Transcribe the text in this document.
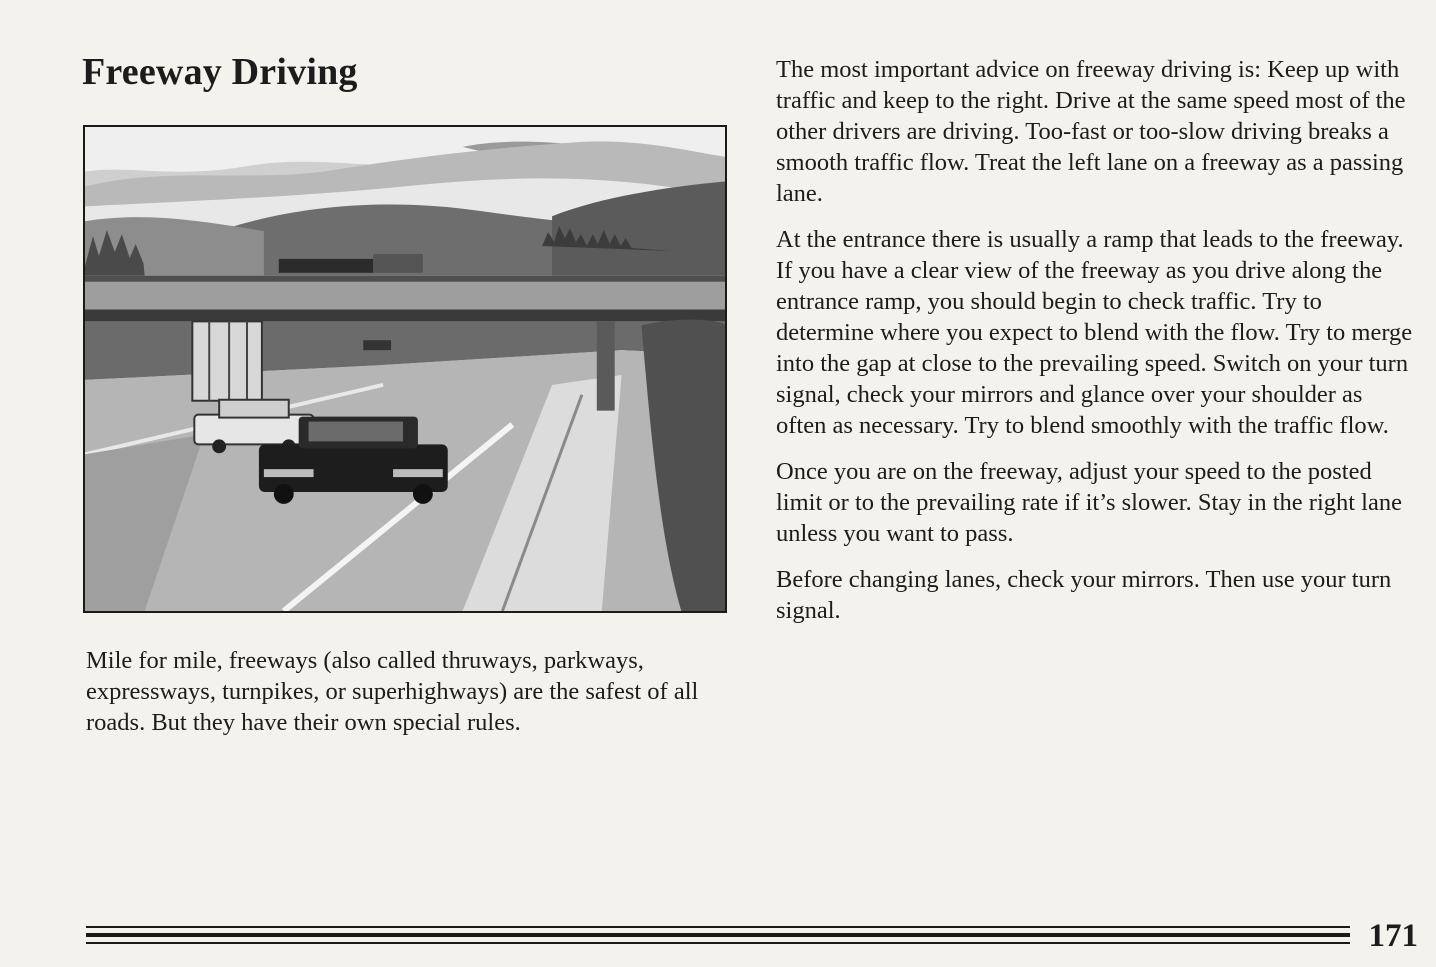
Freeway Driving

Mile for mile, freeways (also called thruways, parkways, expressways, turnpikes, or superhighways) are the safest of all roads. But they have their own special rules.

The most important advice on freeway driving is: Keep up with traffic and keep to the right. Drive at the same speed most of the other drivers are driving. Too-fast or too-slow driving breaks a smooth traffic flow. Treat the left lane on a freeway as a passing lane.

At the entrance there is usually a ramp that leads to the freeway. If you have a clear view of the freeway as you drive along the entrance ramp, you should begin to check traffic. Try to determine where you expect to blend with the flow. Try to merge into the gap at close to the prevailing speed. Switch on your turn signal, check your mirrors and glance over your shoulder as often as necessary. Try to blend smoothly with the traffic flow.

Once you are on the freeway, adjust your speed to the posted limit or to the prevailing rate if it’s slower. Stay in the right lane unless you want to pass.

Before changing lanes, check your mirrors. Then use your turn signal.

171
